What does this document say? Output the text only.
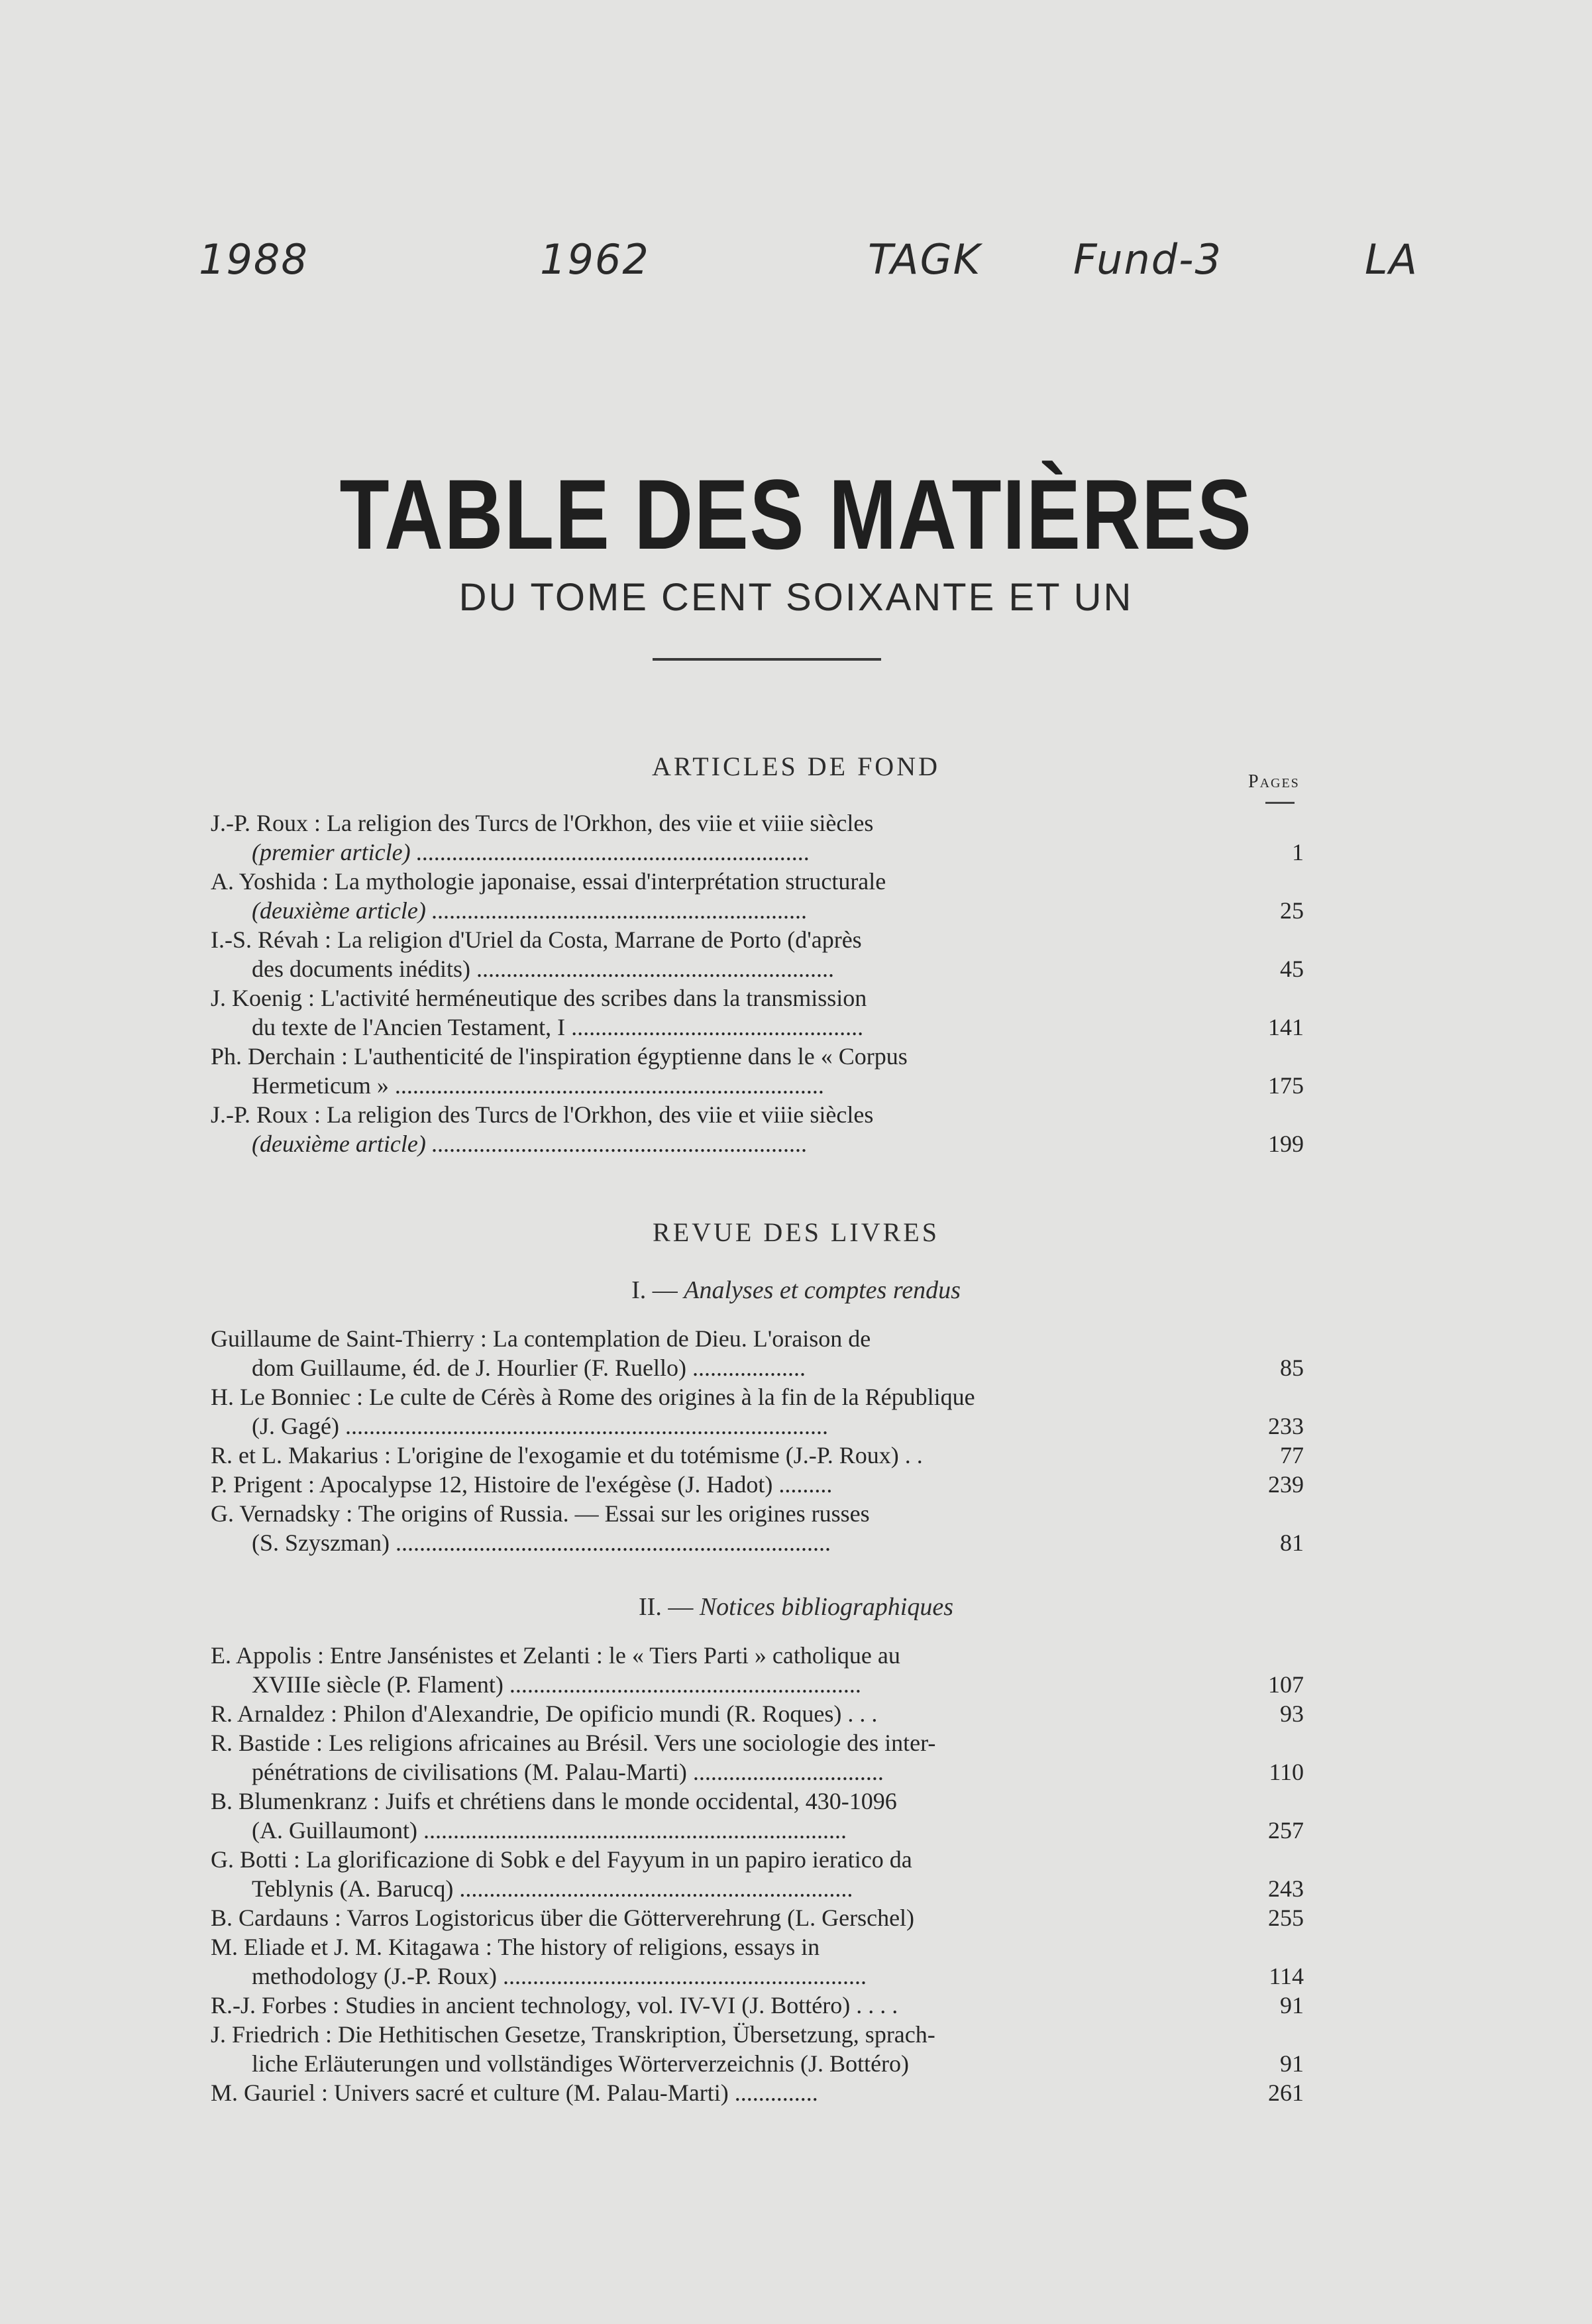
1988	1962	TAGK Fund-3	LA
TABLE DES MATIÈRES
DU TOME CENT SOIXANTE ET UN
ARTICLES DE FOND
Pages
J.-P. Roux : La religion des Turcs de l'Orkhon, des viie et viiie siècles
(premier article) ..................................................................	1
A. Yoshida : La mythologie japonaise, essai d'interprétation structurale
(deuxième article) ...............................................................	25
I.-S. Révah : La religion d'Uriel da Costa, Marrane de Porto (d'après
des documents inédits) ............................................................	45
J. Koenig : L'activité herméneutique des scribes dans la transmission
du texte de l'Ancien Testament, I .................................................	141
Ph. Derchain : L'authenticité de l'inspiration égyptienne dans le « Corpus
Hermeticum » ........................................................................	175
J.-P. Roux : La religion des Turcs de l'Orkhon, des viie et viiie siècles
(deuxième article) ...............................................................	199
REVUE DES LIVRES
I. — Analyses et comptes rendus
Guillaume de Saint-Thierry : La contemplation de Dieu. L'oraison de
dom Guillaume, éd. de J. Hourlier (F. Ruello) ...................	85
H. Le Bonniec : Le culte de Cérès à Rome des origines à la fin de la République
(J. Gagé) .................................................................................	233
R. et L. Makarius : L'origine de l'exogamie et du totémisme (J.-P. Roux) . .	77
P. Prigent : Apocalypse 12, Histoire de l'exégèse (J. Hadot) .........	239
G. Vernadsky : The origins of Russia. — Essai sur les origines russes
(S. Szyszman) .........................................................................	81
II. — Notices bibliographiques
E. Appolis : Entre Jansénistes et Zelanti : le « Tiers Parti » catholique au
XVIIIe siècle (P. Flament) ...........................................................	107
R. Arnaldez : Philon d'Alexandrie, De opificio mundi (R. Roques) . . .	93
R. Bastide : Les religions africaines au Brésil. Vers une sociologie des inter-
pénétrations de civilisations (M. Palau-Marti) ................................	110
B. Blumenkranz : Juifs et chrétiens dans le monde occidental, 430-1096
(A. Guillaumont) .......................................................................	257
G. Botti : La glorificazione di Sobk e del Fayyum in un papiro ieratico da
Teblynis (A. Barucq) ..................................................................	243
B. Cardauns : Varros Logistoricus über die Götterverehrung (L. Gerschel)	255
M. Eliade et J. M. Kitagawa : The history of religions, essays in
methodology (J.-P. Roux) .............................................................	114
R.-J. Forbes : Studies in ancient technology, vol. IV-VI (J. Bottéro) . . . .	91
J. Friedrich : Die Hethitischen Gesetze, Transkription, Übersetzung, sprach-
liche Erläuterungen und vollständiges Wörterverzeichnis (J. Bottéro)	91
M. Gauriel : Univers sacré et culture (M. Palau-Marti) ..............	261
